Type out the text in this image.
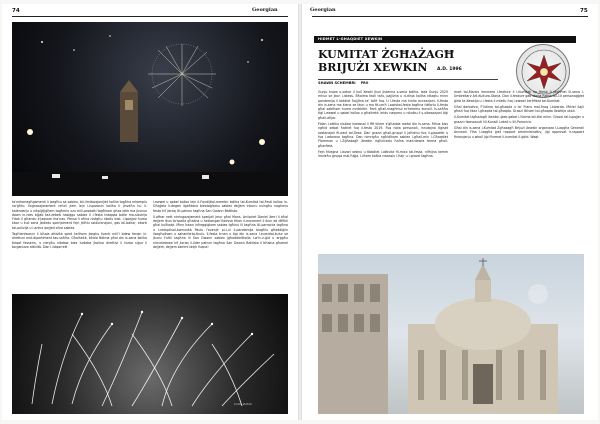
74	Georgian

ta'mitomagħgamenti li jsegħtu sa sabiex, bil-ilmitazzjonijiet kollha tagħha mkomplu na'għtu. Ilngnazzjarament refuri jiem lejn l-isporosin kollha li jinvaħu hu il-kalendarju u nikpijjijigħem tagħmlu uzu mill-prodotti tagħhom għax jekk ma jkunux dawn in-nies bijjab taż-żebeb nasiġgu sabiex li l-festa tnaqqas bañe ma-siżuhija f'dak li għandu x'jaqsam ma'nax. Penso li aħna nistgħu nkollu bist. l-ispejjeż huma kbar u kull sena jżidedu speċjalment fejn jidħlu ssiduranzjoni, gas bil-bahar, ekorti tal-pulizija u l-artna ipejjed ohra sabiex.

Tagħleniwanni li bħala attività spiet kellhom jkeghu fuenti mill'i bdew ferqin iż-diretturi mid-dipartiment tas-saħħa. Għalhekk, bħala Ndima għal din is-sena kollha tieqaf fesserin, u nergħu nibdew biex ludieba jkollna direttivi li huwa siġur li torganizza attività. Dan l-istqarrett

l-ewwel u qabel kollox lejn il-Fondijtlal-membri kollha tal-Kumitat tal-Festi kollox in-Għajjela li-degen ilgaħtana biextaġiamu sabiex dejjem inkunu nsingħu naghmlu festa kif jixraq lill-patrun tagħna San Gwann Battista.

Il-affrar nett nirringazzjament speċjali jmur għal Mons. Arċipriet Daniel Xerri li bħal dejjem ikun ta'spalla għalina u heklongan'ikeċssa Hilan il-movment li ikun ed diffiċli għal kulħadd. Minn hawn inħeggiġkom sabiex tgħinu lil tagħna lill-parroċċa tagħna u r-reduplisal-komunità Paulu l'avenjir pi-l-ul il-pandemija biagħlu għaddiġiin ilsogħolhom u sahanforta-tkulu. Il-festa trnan u tigi din is-sena l-eumidal-kulur se jkunu t'utili tagħna lil San Gwann sabiex jgħaddieltkolla l-w'ic-ż-ġid u erġgħu nirrcelebraw kif jixraq il-lider patrun tagħna San Gwann Battista li bħalna għamel dejjem, dejjem żammi idejh fuqna!

Colin Zahra
Georgian	75
HIDMET L-GHAQDIET XEWKIN
KUMITAT ŻGĦAŻAGĦ
BRIJUŻI XEWKIN A.D. 1996
SHAWN SCHEMBRI PRO

Gunju huwa x-xahar li kull Xewki jkun jistenna s-sena kollha. Izda Gunju 2020 mhux se jkun l-istess. Bħalma tkoll tafu, pajjiżna u d-dinja kollha ntlaqtu minn pandemija li biddlet ħajjitna ta' taħt fuq. U l-festa ma kinitx eccezzjoni. Il-festa din is-sena ma kienx se tkun u ma fit-cerħ l-awiskal-festa tagħna tiżfortu il-festa għal sabiħom huma mnikkitin. Fent għall-magħmul m'hemmx kunsill. Is-saħħa tiġi l-ewwel u qabel kollox u għalhekk irridu naqsmu u nitolbu li s-sitwazzjoni tiġi għall-aħjar.

Fidan l-attiku nistieq inwassal li ffit kliem x'għadda metal din is-sena. Mhux biss ngħid xebat ħatriet fuq il-festa 2019. Fuq nota personali, innutajna tigiset sostanzjali fil-east tal-Tważ. Dan grazzi għall-gruppi li jaħdmu fuq il-pjazzetti u fuq l-adoroxa tagħna. Dan nimrigħu ngħidlhom sabiex l-għall-min l-Għaqdiet Ħamman u l-Żgħażagħ Xewkin rigħiċċedu ħafna mad-dawra ferma għall-għarfiela.

Fejn ħtieġna l-lavori xebnu u tibbdiet l-attivita fil-mixx tal-festa, nifhijna kemm imxieħu gruppi mal-ħajja. Lilhom kollha nwasslu l-ħajr u l-grazzi tagħna.

mart tal-Marsis imnewra l-feature li l-Kumitat ha ftiesb li jagħmel lil-sena l-Umbrellarv Art-Kultura-Storja. Dan il-feature gab storja ħafna tal-10 personaġġiet ġirib te-Xewkija u l-festa li mtellu fuq l-ewwel ċertifikat tal-Kumitat.

Għal darbohra, F'lidima tal-għaqda u ta' Frans mal-ħrog l-kwarda. Mikiel Sajli għeżi fuq kbar l-għaqda tal-għaqda. Grazzi lillhom tal-għaqda Xewkija ukoll.

Il-Kumitat Iżgħażagħ Xewkin ġieb gabel l-ħidma bit-tfal minn. Grazzi tal-ispajjer u grazzi rikonoxxuti lill-Kunsill Lokali u lill-Parroċċa.

Għal din is-sena l-Kumitat Żgħażagħ Brijużi Xewkin organizza l-Laqgħa Generali Annwali. Fiha l-laqgħa ġiet rapport amministrattiv, jiġi approvat ir-rapport finanzjarju u wkoll jiġi ffurmat il-kumitat il-ġdid. Waqt
